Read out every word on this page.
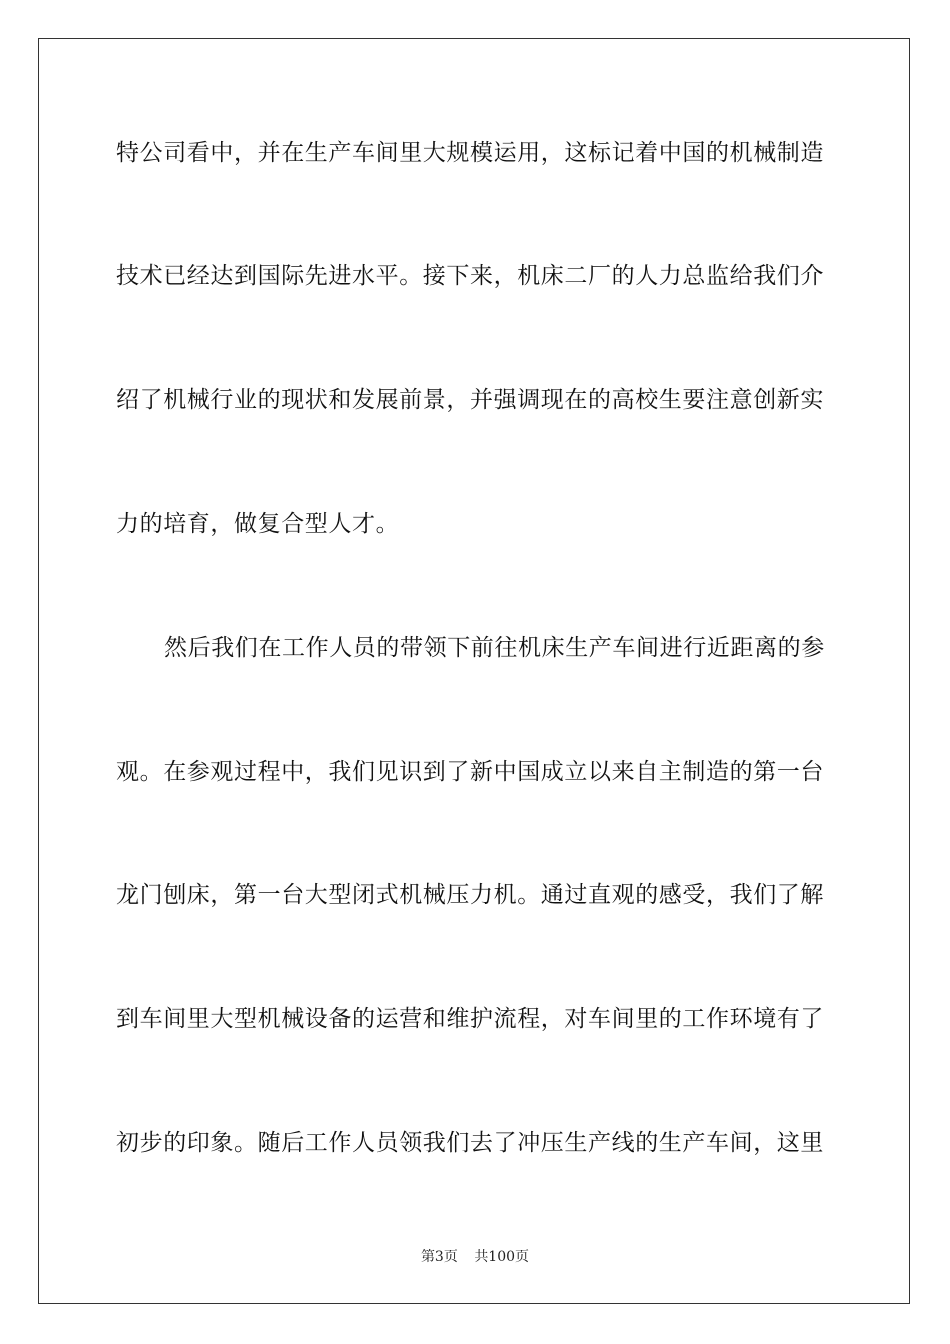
特公司看中，并在生产车间里大规模运用，这标记着中国的机械制造
技术已经达到国际先进水平。接下来，机床二厂的人力总监给我们介
绍了机械行业的现状和发展前景，并强调现在的高校生要注意创新实
力的培育，做复合型人才。
然后我们在工作人员的带领下前往机床生产车间进行近距离的参
观。在参观过程中，我们见识到了新中国成立以来自主制造的第一台
龙门刨床，第一台大型闭式机械压力机。通过直观的感受，我们了解
到车间里大型机械设备的运营和维护流程，对车间里的工作环境有了
初步的印象。随后工作人员领我们去了冲压生产线的生产车间，这里
第3页 共100页
